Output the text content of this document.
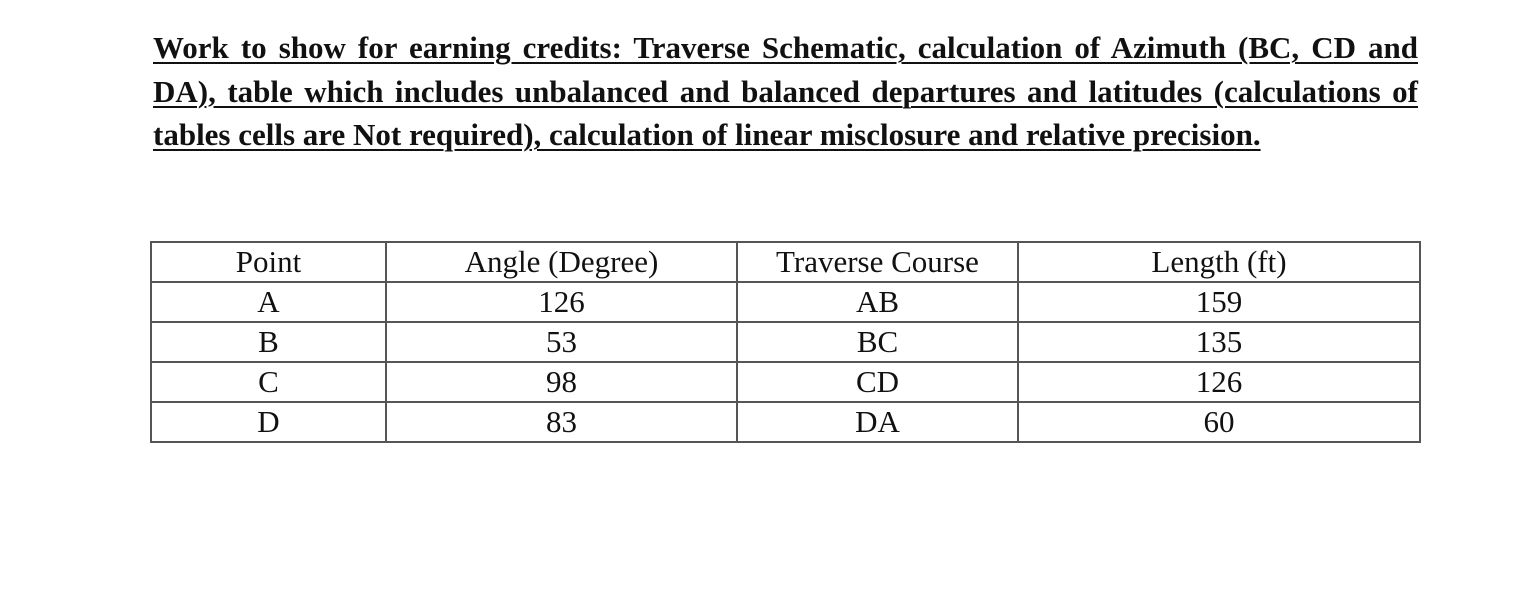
Work to show for earning credits: Traverse Schematic, calculation of Azimuth (BC, CD and DA), table which includes unbalanced and balanced departures and latitudes (calculations of tables cells are Not required), calculation of linear misclosure and relative precision.

Point	Angle (Degree)	Traverse Course	Length (ft)
A	126	AB	159
B	53	BC	135
C	98	CD	126
D	83	DA	60
